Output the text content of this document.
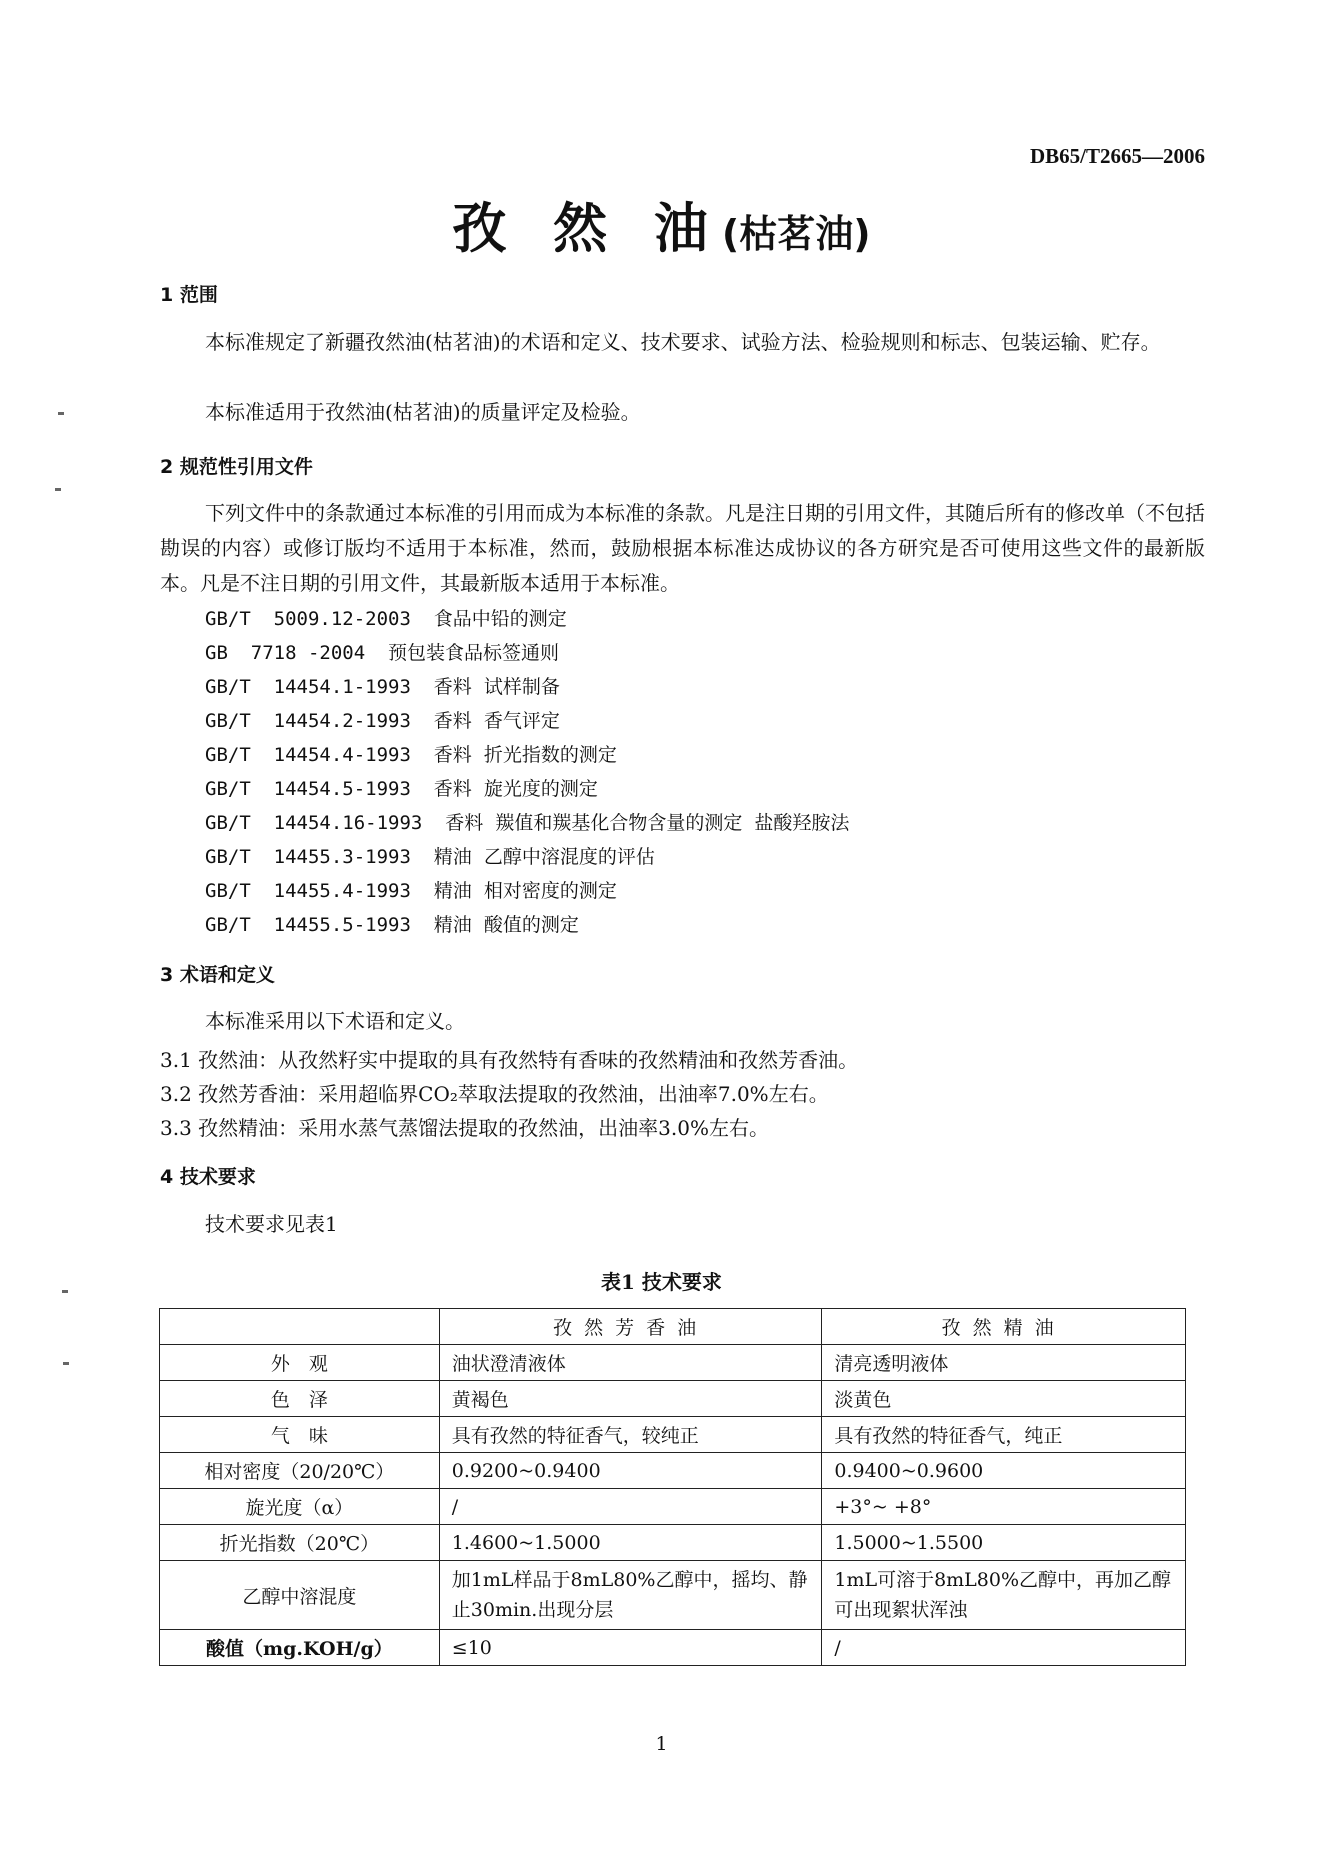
DB65/T2665—2006
孜 然 油(枯茗油)
1 范围
本标准规定了新疆孜然油(枯茗油)的术语和定义、技术要求、试验方法、检验规则和标志、包装运输、贮存。
本标准适用于孜然油(枯茗油)的质量评定及检验。
2 规范性引用文件
下列文件中的条款通过本标准的引用而成为本标准的条款。凡是注日期的引用文件，其随后所有的修改单（不包括勘误的内容）或修订版均不适用于本标准，然而，鼓励根据本标准达成协议的各方研究是否可使用这些文件的最新版本。凡是不注日期的引用文件，其最新版本适用于本标准。
GB/T  5009.12-2003 食品中铅的测定
GB  7718 -2004 预包装食品标签通则
GB/T  14454.1-1993 香料  试样制备
GB/T  14454.2-1993 香料  香气评定
GB/T  14454.4-1993 香料  折光指数的测定
GB/T  14454.5-1993 香料  旋光度的测定
GB/T  14454.16-1993 香料  羰值和羰基化合物含量的测定  盐酸羟胺法
GB/T  14455.3-1993 精油  乙醇中溶混度的评估
GB/T  14455.4-1993 精油  相对密度的测定
GB/T  14455.5-1993 精油  酸值的测定
3 术语和定义
本标准采用以下术语和定义。
3.1 孜然油：从孜然籽实中提取的具有孜然特有香味的孜然精油和孜然芳香油。
3.2 孜然芳香油：采用超临界CO₂萃取法提取的孜然油，出油率7.0%左右。
3.3 孜然精油：采用水蒸气蒸馏法提取的孜然油，出油率3.0%左右。
4 技术要求
技术要求见表1
表1 技术要求
	孜然芳香油	孜然精油
外　观	油状澄清液体	清亮透明液体
色　泽	黄褐色	淡黄色
气　味	具有孜然的特征香气，较纯正	具有孜然的特征香气，纯正
相对密度（20/20℃）	0.9200~0.9400	0.9400~0.9600
旋光度（α）	/	+3°~ +8°
折光指数（20℃）	1.4600~1.5000	1.5000~1.5500
乙醇中溶混度	加1mL样品于8mL80%乙醇中，摇均、静止30min.出现分层	1mL可溶于8mL80%乙醇中，再加乙醇可出现絮状浑浊
酸值（mg.KOH/g）	≤10	/
1
